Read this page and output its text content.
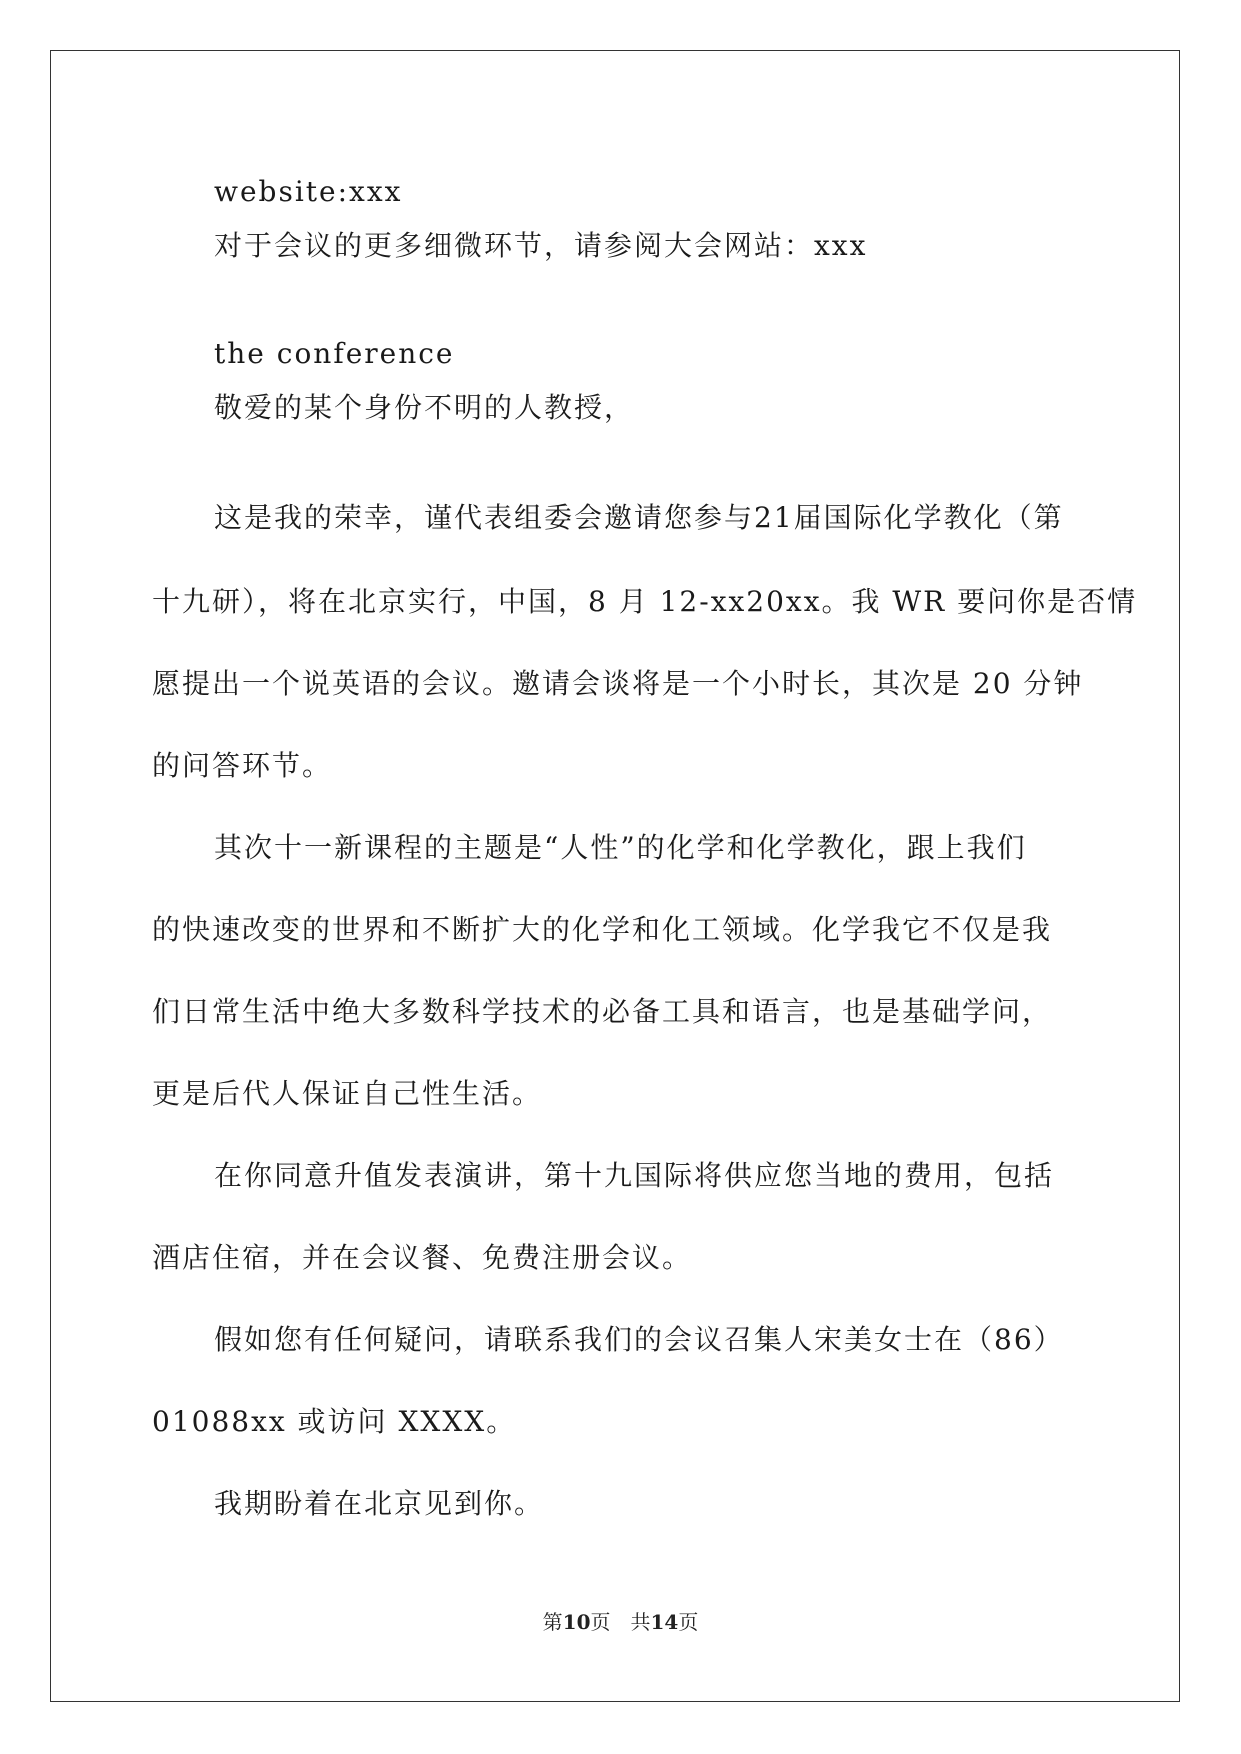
website:xxx
对于会议的更多细微环节，请参阅大会网站：xxx
the conference
敬爱的某个身份不明的人教授，
这是我的荣幸，谨代表组委会邀请您参与21届国际化学教化（第
十九研），将在北京实行，中国，8 月 12-xx20xx。我 WR 要问你是否情
愿提出一个说英语的会议。邀请会谈将是一个小时长，其次是 20 分钟
的问答环节。
其次十一新课程的主题是“人性”的化学和化学教化，跟上我们
的快速改变的世界和不断扩大的化学和化工领域。化学我它不仅是我
们日常生活中绝大多数科学技术的必备工具和语言，也是基础学问，
更是后代人保证自己性生活。
在你同意升值发表演讲，第十九国际将供应您当地的费用，包括
酒店住宿，并在会议餐、免费注册会议。
假如您有任何疑问，请联系我们的会议召集人宋美女士在（86）
01088xx 或访问 XXXX。
我期盼着在北京见到你。
第10页　共14页
